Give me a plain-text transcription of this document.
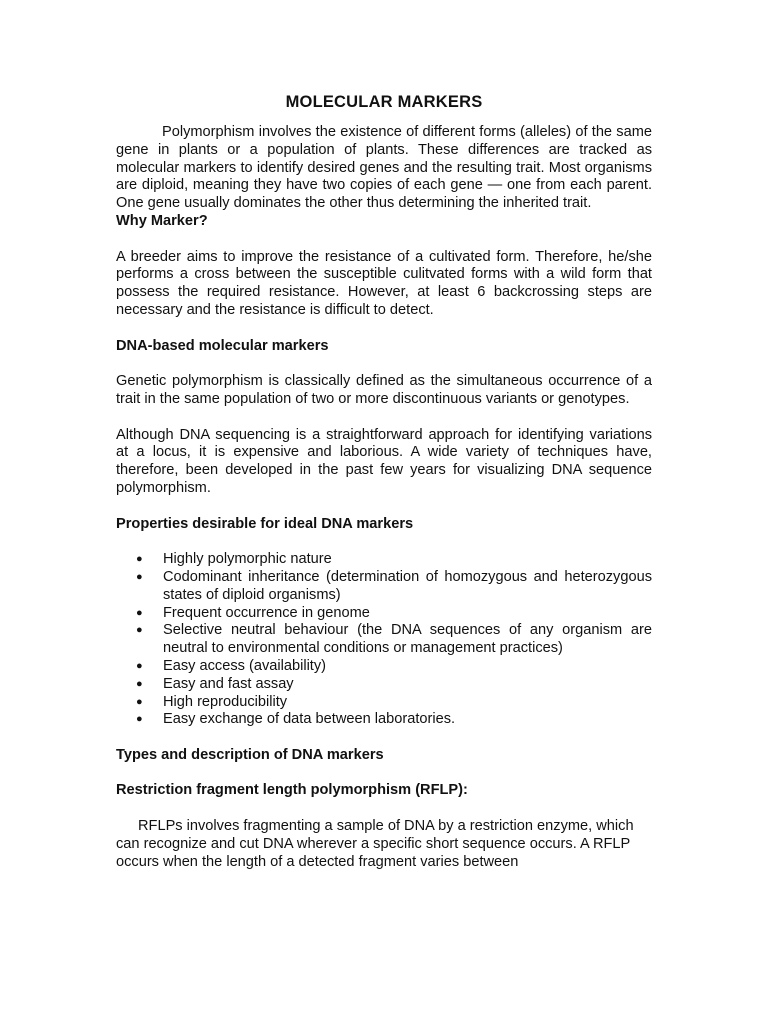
MOLECULAR MARKERS

Polymorphism involves the existence of different forms (alleles) of the same gene in plants or a population of plants. These differences are tracked as molecular markers to identify desired genes and the resulting trait. Most organisms are diploid, meaning they have two copies of each gene — one from each parent. One gene usually dominates the other thus determining the inherited trait.

Why Marker?

A breeder aims to improve the resistance of a cultivated form. Therefore, he/she performs a cross between the susceptible culitvated forms with a wild form that possess the required resistance. However, at least 6 backcrossing steps are necessary and the resistance is difficult to detect.

DNA-based molecular markers

Genetic polymorphism is classically defined as the simultaneous occurrence of a trait in the same population of two or more discontinuous variants or genotypes.

Although DNA sequencing is a straightforward approach for identifying variations at a locus, it is expensive and laborious. A wide variety of techniques have, therefore, been developed in the past few years for visualizing DNA sequence polymorphism.

Properties desirable for ideal DNA markers
● Highly polymorphic nature
● Codominant inheritance (determination of homozygous and heterozygous states of diploid organisms)
● Frequent occurrence in genome
● Selective neutral behaviour (the DNA sequences of any organism are neutral to environmental conditions or management practices)
● Easy access (availability)
● Easy and fast assay
● High reproducibility
● Easy exchange of data between laboratories.
Types and description of DNA markers
Restriction fragment length polymorphism (RFLP):

RFLPs involves fragmenting a sample of DNA by a restriction enzyme, which can recognize and cut DNA wherever a specific short sequence occurs. A RFLP occurs when the length of a detected fragment varies between
